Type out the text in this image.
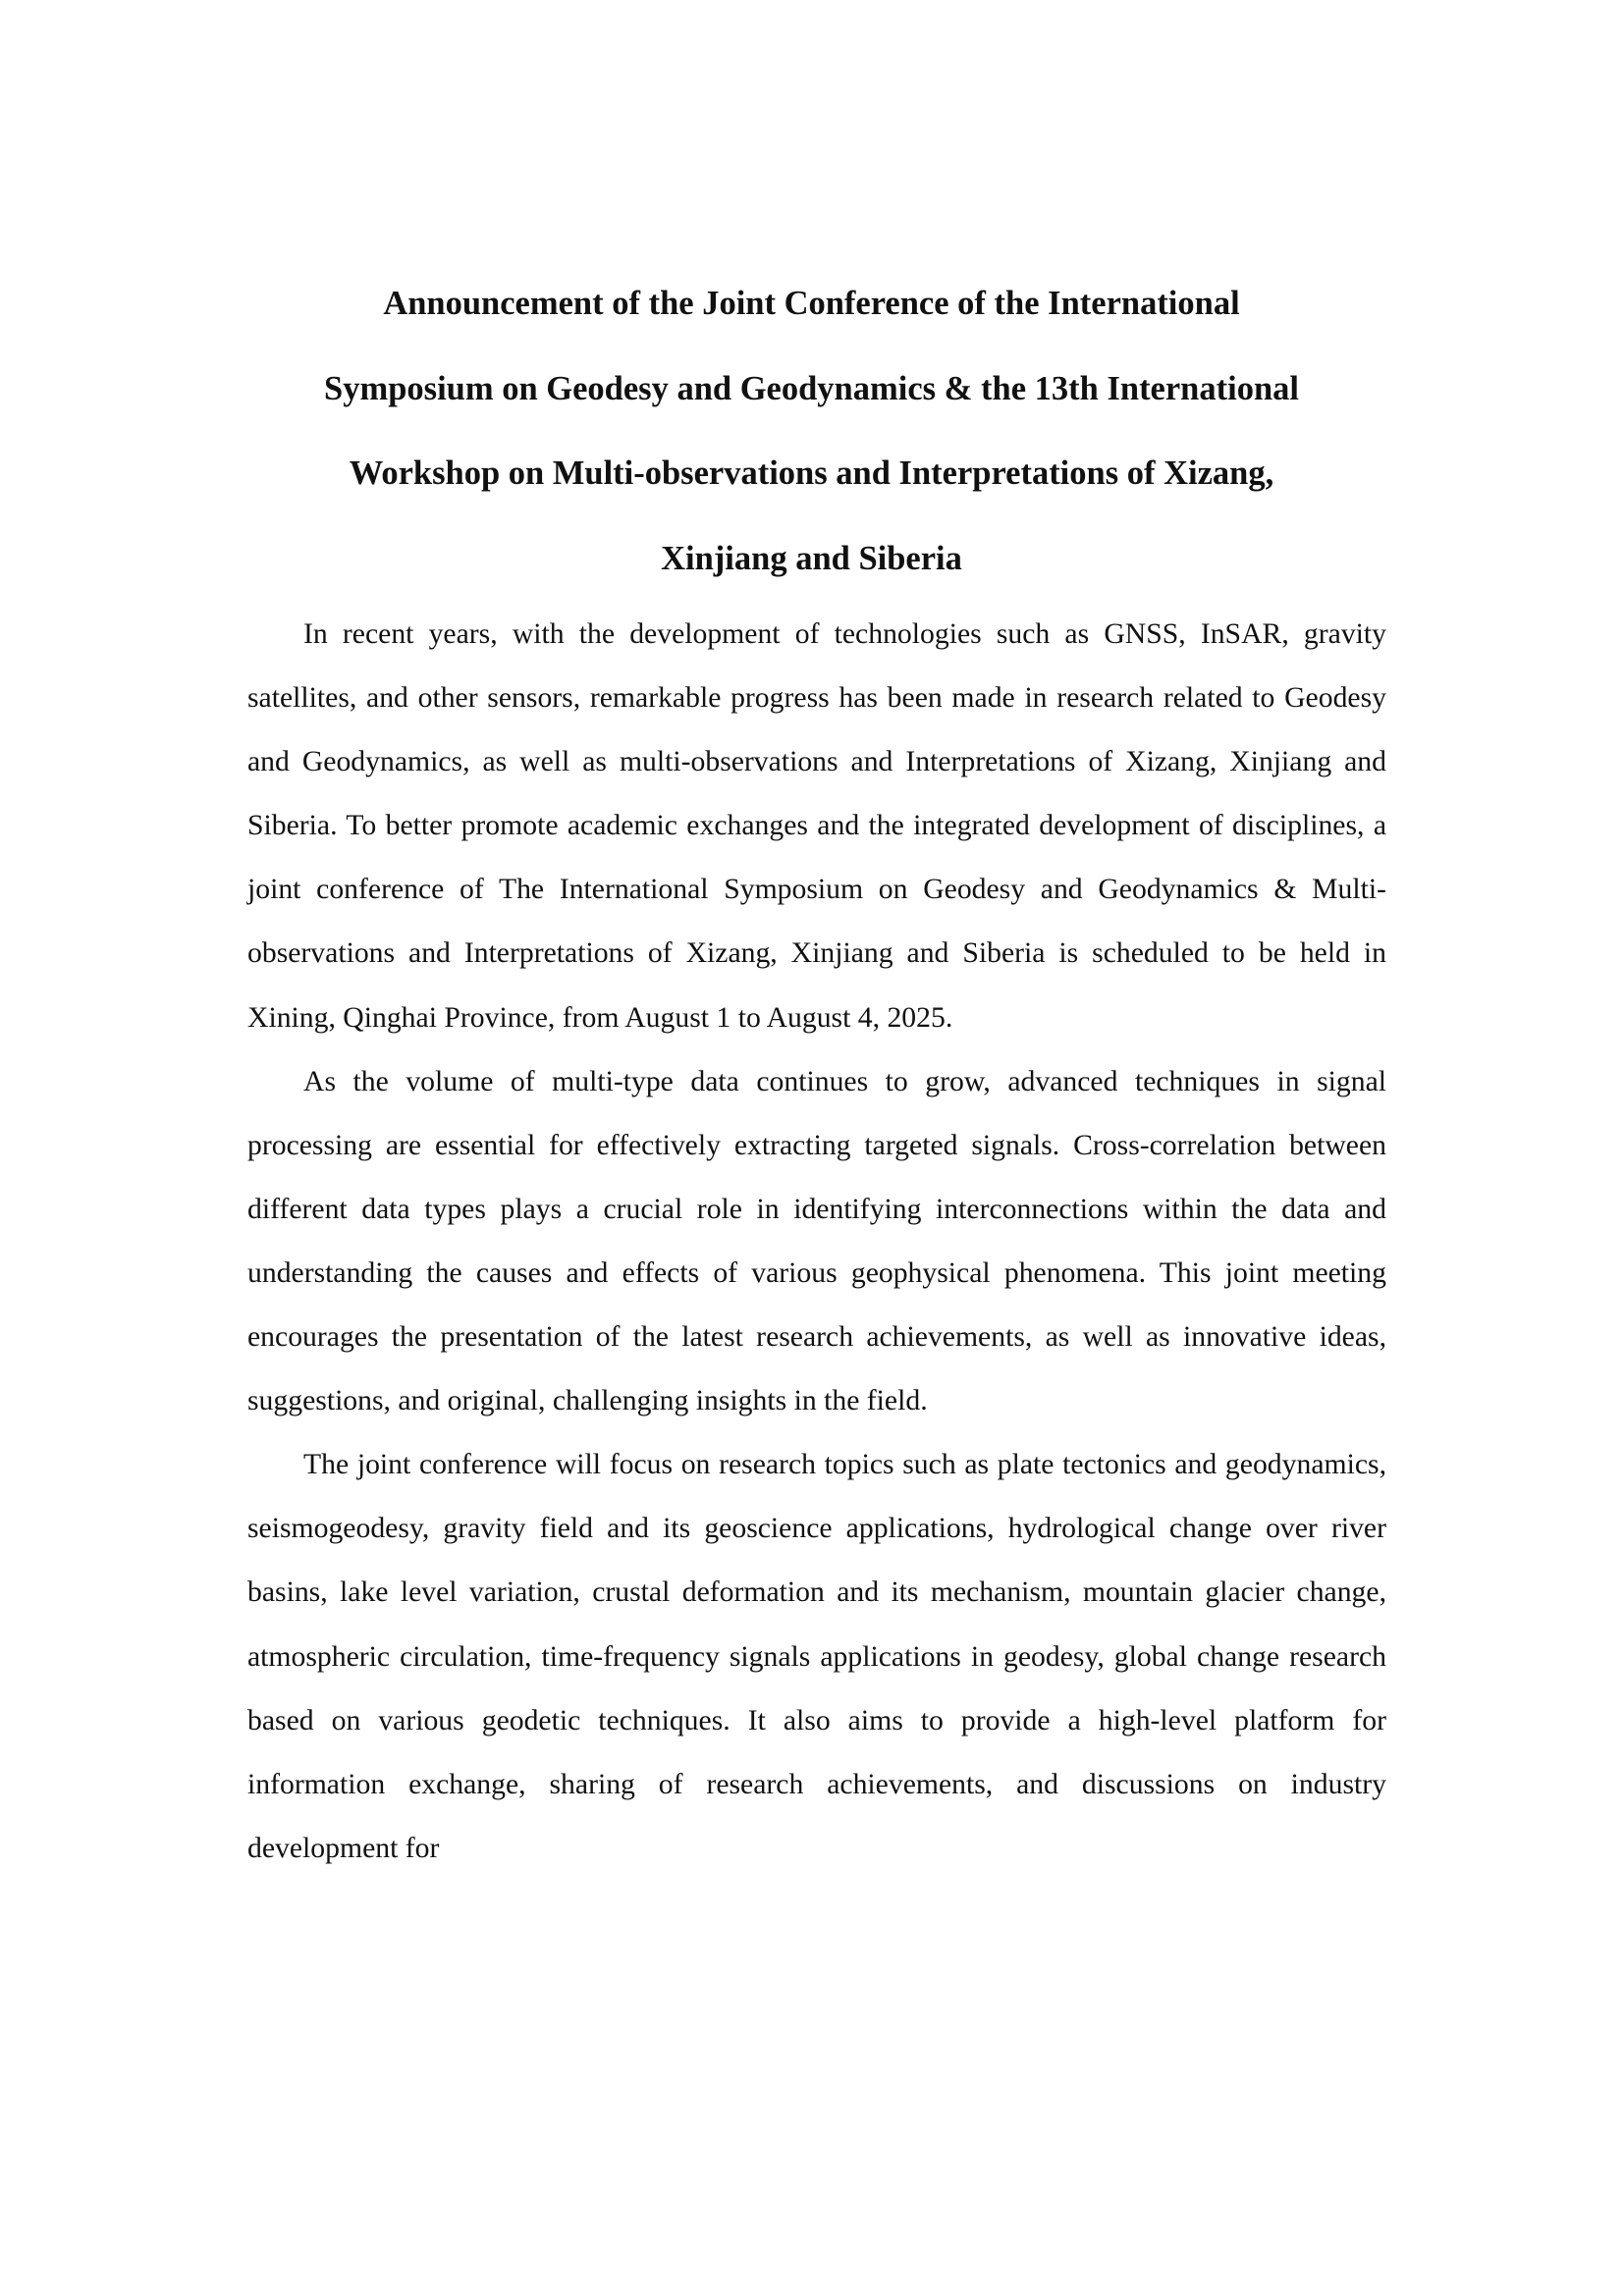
Announcement of the Joint Conference of the International
Symposium on Geodesy and Geodynamics & the 13th International
Workshop on Multi-observations and Interpretations of Xizang,
Xinjiang and Siberia

In recent years, with the development of technologies such as GNSS, InSAR, gravity satellites, and other sensors, remarkable progress has been made in research related to Geodesy and Geodynamics, as well as multi-observations and Interpretations of Xizang, Xinjiang and Siberia. To better promote academic exchanges and the integrated development of disciplines, a joint conference of The International Symposium on Geodesy and Geodynamics & Multi-observations and Interpretations of Xizang, Xinjiang and Siberia is scheduled to be held in Xining, Qinghai Province, from August 1 to August 4, 2025.

As the volume of multi-type data continues to grow, advanced techniques in signal processing are essential for effectively extracting targeted signals. Cross-correlation between different data types plays a crucial role in identifying interconnections within the data and understanding the causes and effects of various geophysical phenomena. This joint meeting encourages the presentation of the latest research achievements, as well as innovative ideas, suggestions, and original, challenging insights in the field.

The joint conference will focus on research topics such as plate tectonics and geodynamics, seismogeodesy, gravity field and its geoscience applications, hydrological change over river basins, lake level variation, crustal deformation and its mechanism, mountain glacier change, atmospheric circulation, time-frequency signals applications in geodesy, global change research based on various geodetic techniques. It also aims to provide a high-level platform for information exchange, sharing of research achievements, and discussions on industry development for
